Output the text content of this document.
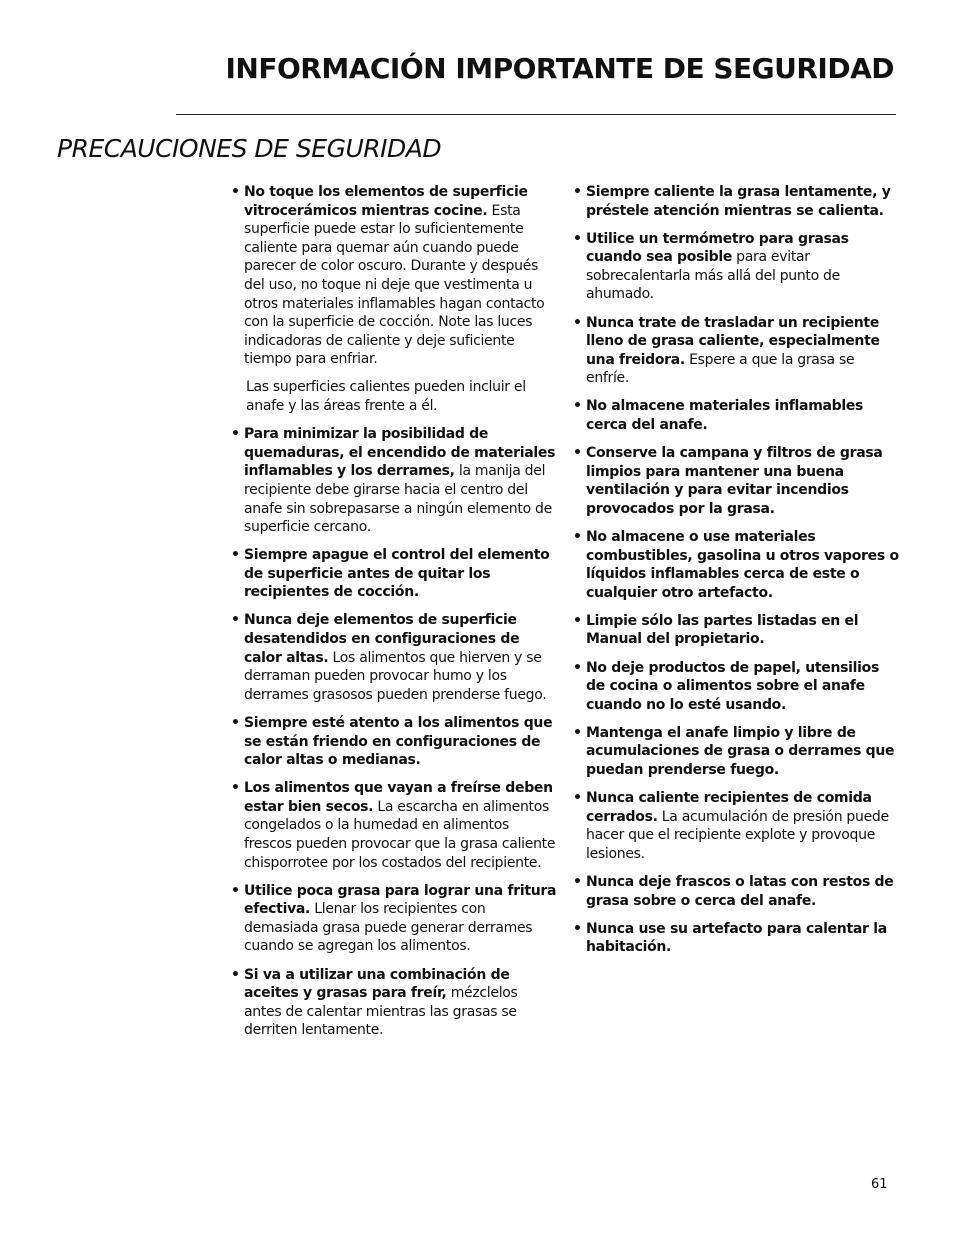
INFORMACIÓN IMPORTANTE DE SEGURIDAD
PRECAUCIONES DE SEGURIDAD
• No toque los elementos de superficie vitrocerámicos mientras cocine. Esta superficie puede estar lo suficientemente caliente para quemar aún cuando puede parecer de color oscuro. Durante y después del uso, no toque ni deje que vestimenta u otros materiales inflamables hagan contacto con la superficie de cocción. Note las luces indicadoras de caliente y deje suficiente tiempo para enfriar.
Las superficies calientes pueden incluir el anafe y las áreas frente a él.
• Para minimizar la posibilidad de quemaduras, el encendido de materiales inflamables y los derrames, la manija del recipiente debe girarse hacia el centro del anafe sin sobrepasarse a ningún elemento de superficie cercano.
• Siempre apague el control del elemento de superficie antes de quitar los recipientes de cocción.
• Nunca deje elementos de superficie desatendidos en configuraciones de calor altas. Los alimentos que hierven y se derraman pueden provocar humo y los derrames grasosos pueden prenderse fuego.
• Siempre esté atento a los alimentos que se están friendo en configuraciones de calor altas o medianas.
• Los alimentos que vayan a freírse deben estar bien secos. La escarcha en alimentos congelados o la humedad en alimentos frescos pueden provocar que la grasa caliente chisporrotee por los costados del recipiente.
• Utilice poca grasa para lograr una fritura efectiva. Llenar los recipientes con demasiada grasa puede generar derrames cuando se agregan los alimentos.
• Si va a utilizar una combinación de aceites y grasas para freír, mézclelos antes de calentar mientras las grasas se derriten lentamente.
• Siempre caliente la grasa lentamente, y préstele atención mientras se calienta.
• Utilice un termómetro para grasas cuando sea posible para evitar sobrecalentarla más allá del punto de ahumado.
• Nunca trate de trasladar un recipiente lleno de grasa caliente, especialmente una freidora. Espere a que la grasa se enfríe.
• No almacene materiales inflamables cerca del anafe.
• Conserve la campana y filtros de grasa limpios para mantener una buena ventilación y para evitar incendios provocados por la grasa.
• No almacene o use materiales combustibles, gasolina u otros vapores o líquidos inflamables cerca de este o cualquier otro artefacto.
• Limpie sólo las partes listadas en el Manual del propietario.
• No deje productos de papel, utensilios de cocina o alimentos sobre el anafe cuando no lo esté usando.
• Mantenga el anafe limpio y libre de acumulaciones de grasa o derrames que puedan prenderse fuego.
• Nunca caliente recipientes de comida cerrados. La acumulación de presión puede hacer que el recipiente explote y provoque lesiones.
• Nunca deje frascos o latas con restos de grasa sobre o cerca del anafe.
• Nunca use su artefacto para calentar la habitación.
61
